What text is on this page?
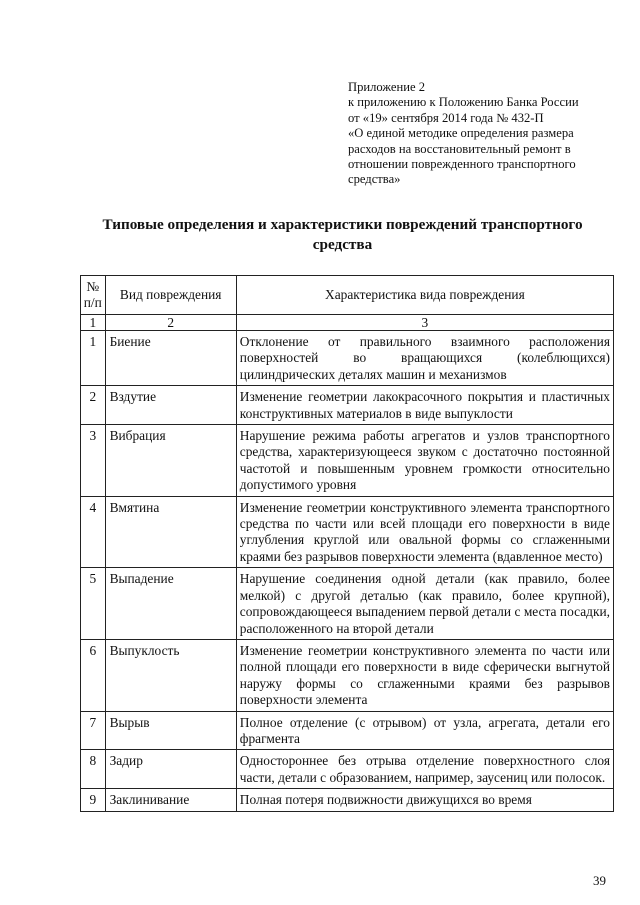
Приложение 2
к приложению к Положению Банка России
от «19» сентября 2014 года № 432-П
«О единой методике определения размера
расходов на восстановительный ремонт в
отношении поврежденного транспортного
средства»
Типовые определения и характеристики повреждений транспортного
средства
№
п/п	Вид повреждения	Характеристика вида повреждения
1	2	3
1	Биение	Отклонение от правильного взаимного расположения поверхностей во вращающихся (колеблющихся) цилиндрических деталях машин и механизмов
2	Вздутие	Изменение геометрии лакокрасочного покрытия и пластичных конструктивных материалов в виде выпуклости
3	Вибрация	Нарушение режима работы агрегатов и узлов транспортного средства, характеризующееся звуком с достаточно постоянной частотой и повышенным уровнем громкости относительно допустимого уровня
4	Вмятина	Изменение геометрии конструктивного элемента транспортного средства по части или всей площади его поверхности в виде углубления круглой или овальной формы со сглаженными краями без разрывов поверхности элемента (вдавленное место)
5	Выпадение	Нарушение соединения одной детали (как правило, более мелкой) с другой деталью (как правило, более крупной), сопровождающееся выпадением первой детали с места посадки, расположенного на второй детали
6	Выпуклость	Изменение геометрии конструктивного элемента по части или полной площади его поверхности в виде сферически выгнутой наружу формы со сглаженными краями без разрывов поверхности элемента
7	Вырыв	Полное отделение (с отрывом) от узла, агрегата, детали его фрагмента
8	Задир	Одностороннее без отрыва отделение поверхностного слоя части, детали с образованием, например, заусениц или полосок.
9	Заклинивание	Полная потеря подвижности движущихся во время
39
